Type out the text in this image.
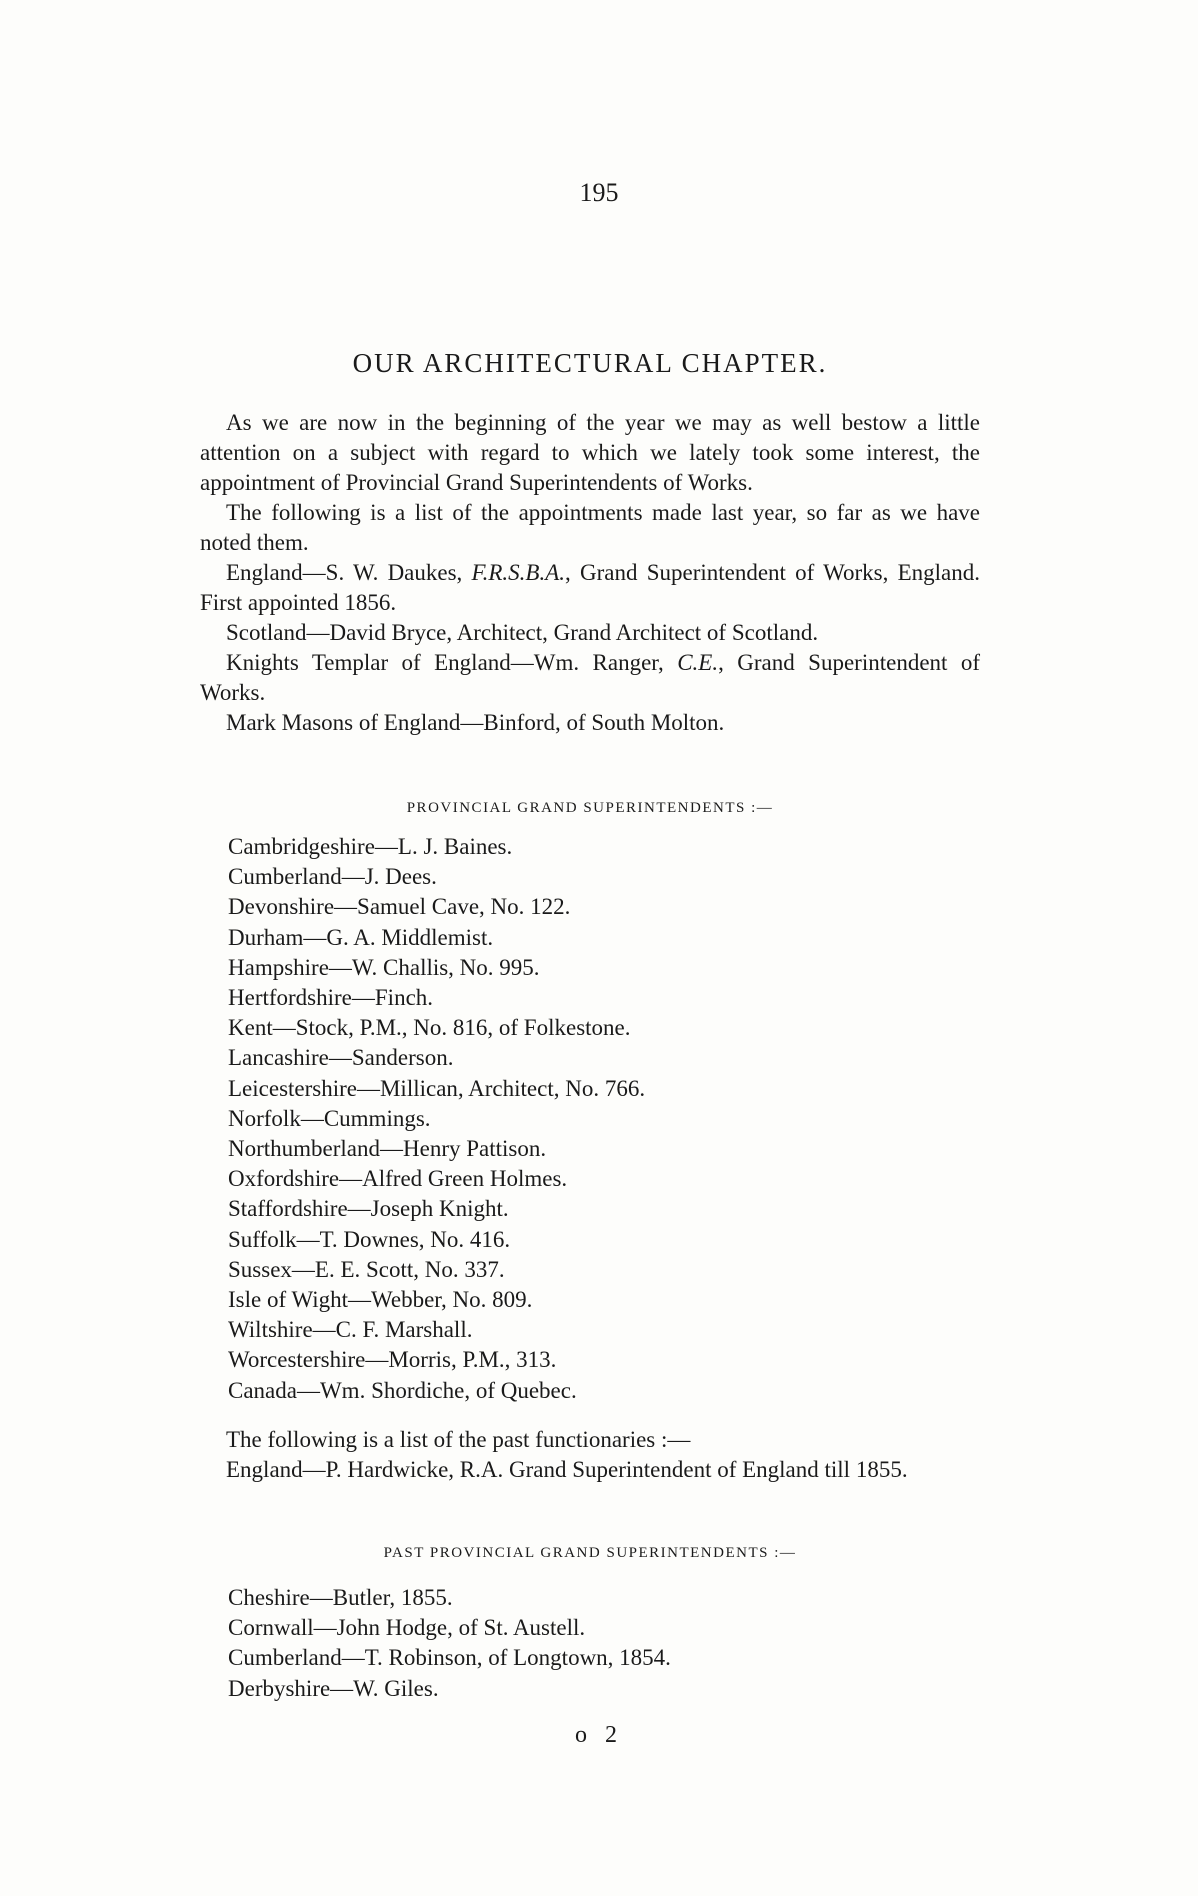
195
OUR ARCHITECTURAL CHAPTER.

As we are now in the beginning of the year we may as well bestow a little attention on a subject with regard to which we lately took some interest, the appointment of Provincial Grand Superintendents of Works.

The following is a list of the appointments made last year, so far as we have noted them.

England—S. W. Daukes, F.R.S.B.A., Grand Superintendent of Works, England. First appointed 1856.

Scotland—David Bryce, Architect, Grand Architect of Scotland.

Knights Templar of England—Wm. Ranger, C.E., Grand Superintendent of Works.

Mark Masons of England—Binford, of South Molton.

PROVINCIAL GRAND SUPERINTENDENTS :—
Cambridgeshire—L. J. Baines.
Cumberland—J. Dees.
Devonshire—Samuel Cave, No. 122.
Durham—G. A. Middlemist.
Hampshire—W. Challis, No. 995.
Hertfordshire—Finch.
Kent—Stock, P.M., No. 816, of Folkestone.
Lancashire—Sanderson.
Leicestershire—Millican, Architect, No. 766.
Norfolk—Cummings.
Northumberland—Henry Pattison.
Oxfordshire—Alfred Green Holmes.
Staffordshire—Joseph Knight.
Suffolk—T. Downes, No. 416.
Sussex—E. E. Scott, No. 337.
Isle of Wight—Webber, No. 809.
Wiltshire—C. F. Marshall.
Worcestershire—Morris, P.M., 313.
Canada—Wm. Shordiche, of Quebec.

The following is a list of the past functionaries :—

England—P. Hardwicke, R.A. Grand Superintendent of England till 1855.

PAST PROVINCIAL GRAND SUPERINTENDENTS :—
Cheshire—Butler, 1855.
Cornwall—John Hodge, of St. Austell.
Cumberland—T. Robinson, of Longtown, 1854.
Derbyshire—W. Giles.
o 2
